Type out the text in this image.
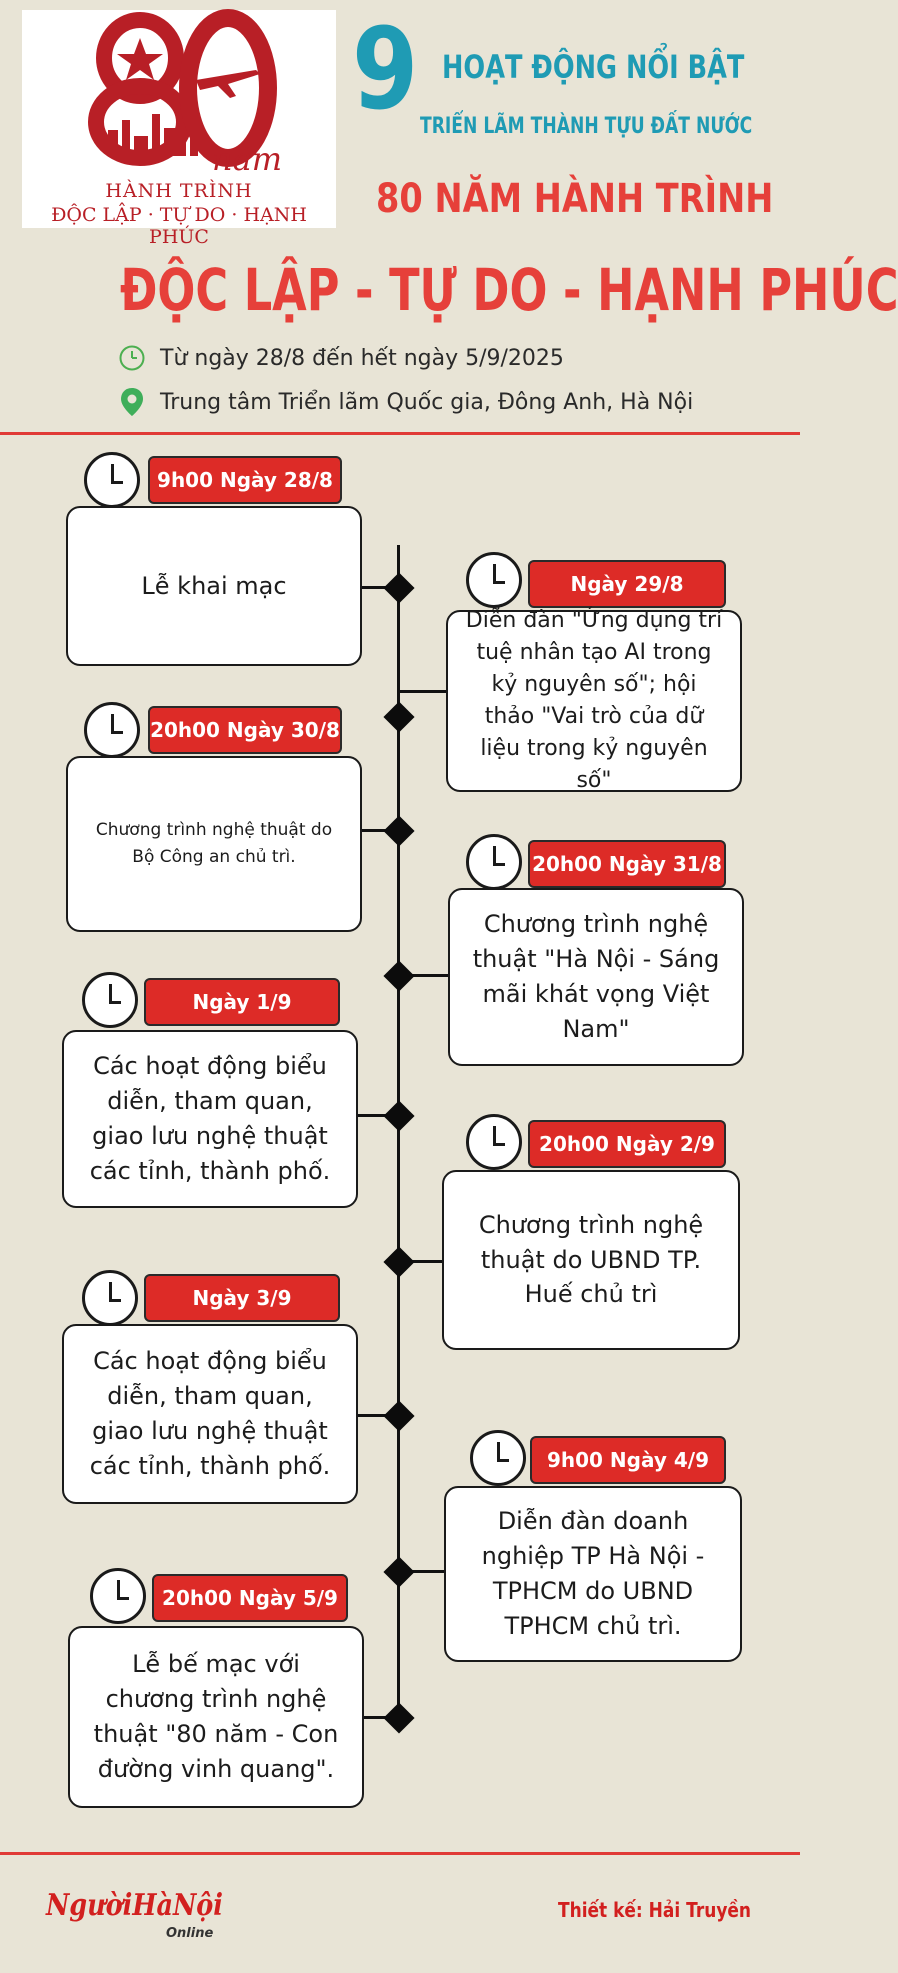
năm
HÀNH TRÌNH
ĐỘC LẬP · TỰ DO · HẠNH PHÚC
9 HOẠT ĐỘNG NỔI BẬT
TRIỂN LÃM THÀNH TỰU ĐẤT NƯỚC
80 NĂM HÀNH TRÌNH
ĐỘC LẬP - TỰ DO - HẠNH PHÚC
Từ ngày 28/8 đến hết ngày 5/9/2025
Trung tâm Triển lãm Quốc gia, Đông Anh, Hà Nội
9h00 Ngày 28/8
Lễ khai mạc	Ngày 29/8
Diễn đàn "Ứng dụng trí tuệ nhân tạo AI trong kỷ nguyên số"; hội thảo "Vai trò của dữ liệu trong kỷ nguyên số"
20h00 Ngày 30/8
Chương trình nghệ thuật do Bộ Công an chủ trì.	20h00 Ngày 31/8
Chương trình nghệ thuật "Hà Nội - Sáng mãi khát vọng Việt Nam"
Ngày 1/9
Các hoạt động biểu diễn, tham quan, giao lưu nghệ thuật các tỉnh, thành phố.
20h00 Ngày 2/9
Chương trình nghệ thuật do UBND TP. Huế chủ trì
Ngày 3/9
Các hoạt động biểu diễn, tham quan, giao lưu nghệ thuật các tỉnh, thành phố.	9h00 Ngày 4/9
Diễn đàn doanh nghiệp TP Hà Nội - TPHCM do UBND TPHCM chủ trì.
20h00 Ngày 5/9
Lễ bế mạc với chương trình nghệ thuật "80 năm - Con đường vinh quang".
NgườiHàNội
Online
Thiết kế: Hải Truyền
